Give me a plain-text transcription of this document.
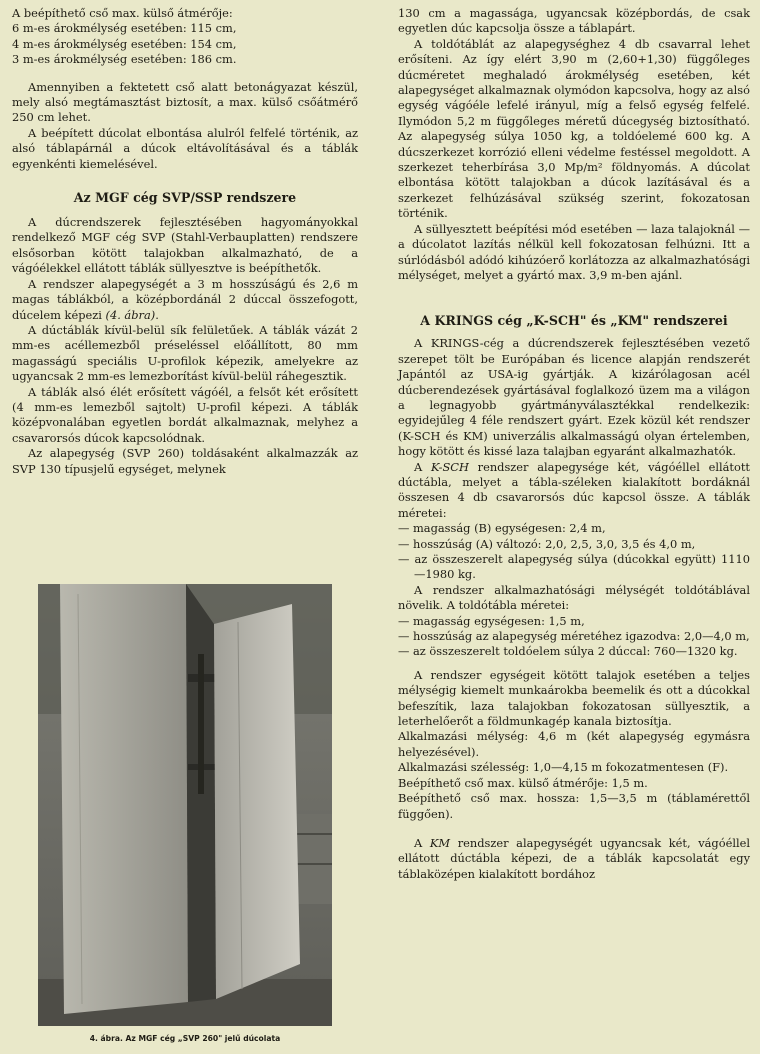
A beépíthető cső max. külső átmérője:

6 m-es árokmélység esetében: 115 cm,

4 m-es árokmélység esetében: 154 cm,

3 m-es árokmélység esetében: 186 cm.

Amennyiben a fektetett cső alatt betonágyazat készül, mely alsó megtámasztást biztosít, a max. külső csőátmérő 250 cm lehet.

A beépített dúcolat elbontása alulról felfelé történik, az alsó táblapárnál a dúcok eltávolításával és a táblák egyenkénti kiemelésével.

Az MGF cég SVP/SSP rendszere

A dúcrendszerek fejlesztésében hagyományokkal rendelkező MGF cég SVP (Stahl-Verbauplatten) rendszere elsősorban kötött talajokban alkalmazható, de a vágóélekkel ellátott táblák süllyesztve is beépíthetők.

A rendszer alapegységét a 3 m hosszúságú és 2,6 m magas táblákból, a középbordánál 2 dúccal összefogott, dúcelem képezi (4. ábra).

A dúctáblák kívül-belül sík felületűek. A táblák vázát 2 mm-es acéllemezből préseléssel előállított, 80 mm magasságú speciális U-profilok képezik, amelyekre az ugyancsak 2 mm-es lemezborítást kívül-belül ráhegesztik.

A táblák alsó élét erősített vágóél, a felsőt két erősített (4 mm-es lemezből sajtolt) U-profil képezi. A táblák középvonalában egyetlen bordát alkalmaznak, melyhez a csavarorsós dúcok kapcsolódnak.

Az alapegység (SVP 260) toldásaként alkalmazzák az SVP 130 típusjelű egységet, melynek

4. ábra. Az MGF cég „SVP 260" jelű dúcolata

130 cm a magassága, ugyancsak középbordás, de csak egyetlen dúc kapcsolja össze a táblapárt.

A toldótáblát az alapegységhez 4 db csavarral lehet erősíteni. Az így elért 3,90 m (2,60+1,30) függőleges dúcméretet meghaladó árokmélység esetében, két alapegységet alkalmaznak olymódon kapcsolva, hogy az alsó egység vágóéle lefelé irányul, míg a felső egység felfelé. Ilymódon 5,2 m függőleges méretű dúcegység biztosítható. Az alapegység súlya 1050 kg, a toldóelemé 600 kg. A dúcszerkezet korrózió elleni védelme festéssel megoldott. A szerkezet teherbírása 3,0 Mp/m² földnyomás. A dúcolat elbontása kötött talajokban a dúcok lazításával és a szerkezet felhúzásával szükség szerint, fokozatosan történik.

A süllyesztett beépítési mód esetében — laza talajoknál — a dúcolatot lazítás nélkül kell fokozatosan felhúzni. Itt a súrlódásból adódó kihúzóerő korlátozza az alkalmazhatósági mélységet, melyet a gyártó max. 3,9 m-ben ajánl.

A KRINGS cég „K-SCH" és „KM" rendszerei

A KRINGS-cég a dúcrendszerek fejlesztésében vezető szerepet tölt be Európában és licence alapján rendszerét Japántól az USA-ig gyártják. A kizárólagosan acél dúcberendezések gyártásával foglalkozó üzem ma a világon a legnagyobb gyártmányválasztékkal rendelkezik: egyidejűleg 4 féle rendszert gyárt. Ezek közül két rendszer (K-SCH és KM) univerzális alkalmasságú olyan értelemben, hogy kötött és kissé laza talajban egyaránt alkalmazhatók.

A K-SCH rendszer alapegysége két, vágóéllel ellátott dúctábla, melyet a tábla-széleken kialakított bordáknál összesen 4 db csavarorsós dúc kapcsol össze. A táblák méretei:

— magasság (B) egységesen: 2,4 m,

— hosszúság (A) változó: 2,0, 2,5, 3,0, 3,5 és 4,0 m,

— az összeszerelt alapegység súlya (dúcokkal együtt) 1110—1980 kg.

A rendszer alkalmazhatósági mélységét toldótáblával növelik. A toldótábla méretei:

— magasság egységesen: 1,5 m,

— hosszúság az alapegység méretéhez igazodva: 2,0—4,0 m,

— az összeszerelt toldóelem súlya 2 dúccal: 760—1320 kg.

A rendszer egységeit kötött talajok esetében a teljes mélységig kiemelt munkaárokba beemelik és ott a dúcokkal befeszítik, laza talajokban fokozatosan süllyesztik, a leterhelőerőt a földmunkagép kanala biztosítja.

Alkalmazási mélység: 4,6 m (két alapegység egymásra helyezésével).

Alkalmazási szélesség: 1,0—4,15 m fokozatmentesen (F).

Beépíthető cső max. külső átmérője: 1,5 m.

Beépíthető cső max. hossza: 1,5—3,5 m (táblamérettől függően).

A KM rendszer alapegységét ugyancsak két, vágóéllel ellátott dúctábla képezi, de a táblák kapcsolatát egy táblaközépen kialakított bordához
